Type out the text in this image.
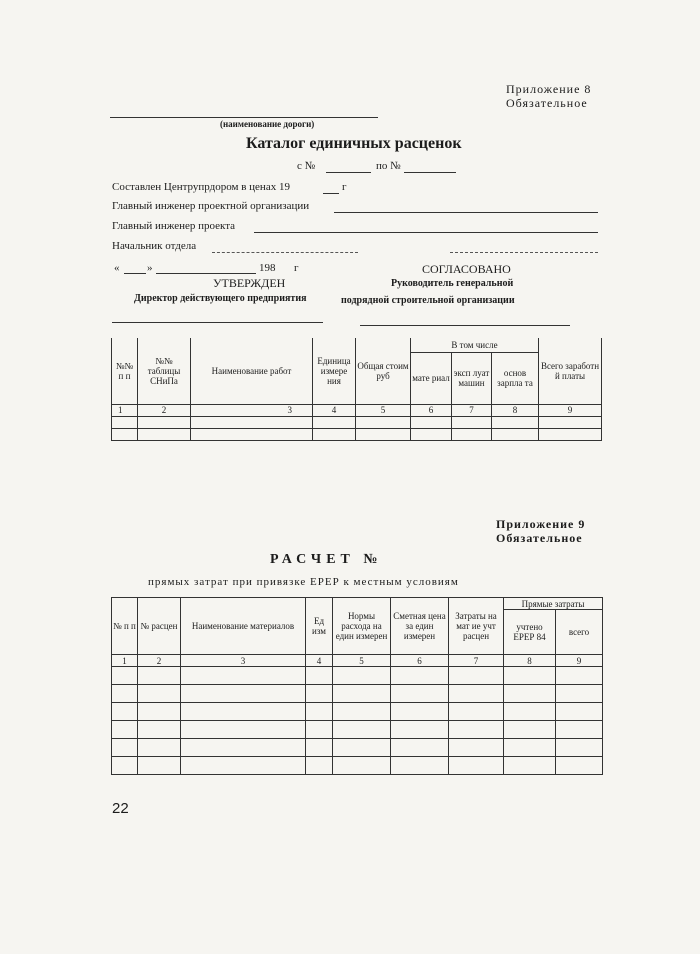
Приложение 8
Обязательное
(наименование дороги)
Каталог единичных расценок
с №	по №
Составлен Центрупрдором в ценах 19	г
Главный инженер проектной организации
Главный инженер проекта
Начальник отдела
«	»	198 г	СОГЛАСОВАНО
УТВЕРЖДЕН	Руководитель генеральной
Директор действующего предприятия	подрядной строительной организации
№№ п п	№№ таблицы СНиПа	Наименование работ	Единица измере ния	Общая стоим руб	В том числе			Всего заработн й платы
					мате риал	эксп луат машин	основ зарпла та	
1	2	3	4	5	6	7	8	9

Приложение 9
Обязательное
РАСЧЕТ №
прямых затрат при привязке ЕРЕР к местным условиям
№ п п	№ расцен	Наименование материалов	Ед изм	Нормы расхода на един измерен	Сметная цена за един измерен	Затраты на мат ие учт расцен	Прямые затраты	
							учтено ЕРЕР 84	всего
1	2	3	4	5	6	7	8	9

22
